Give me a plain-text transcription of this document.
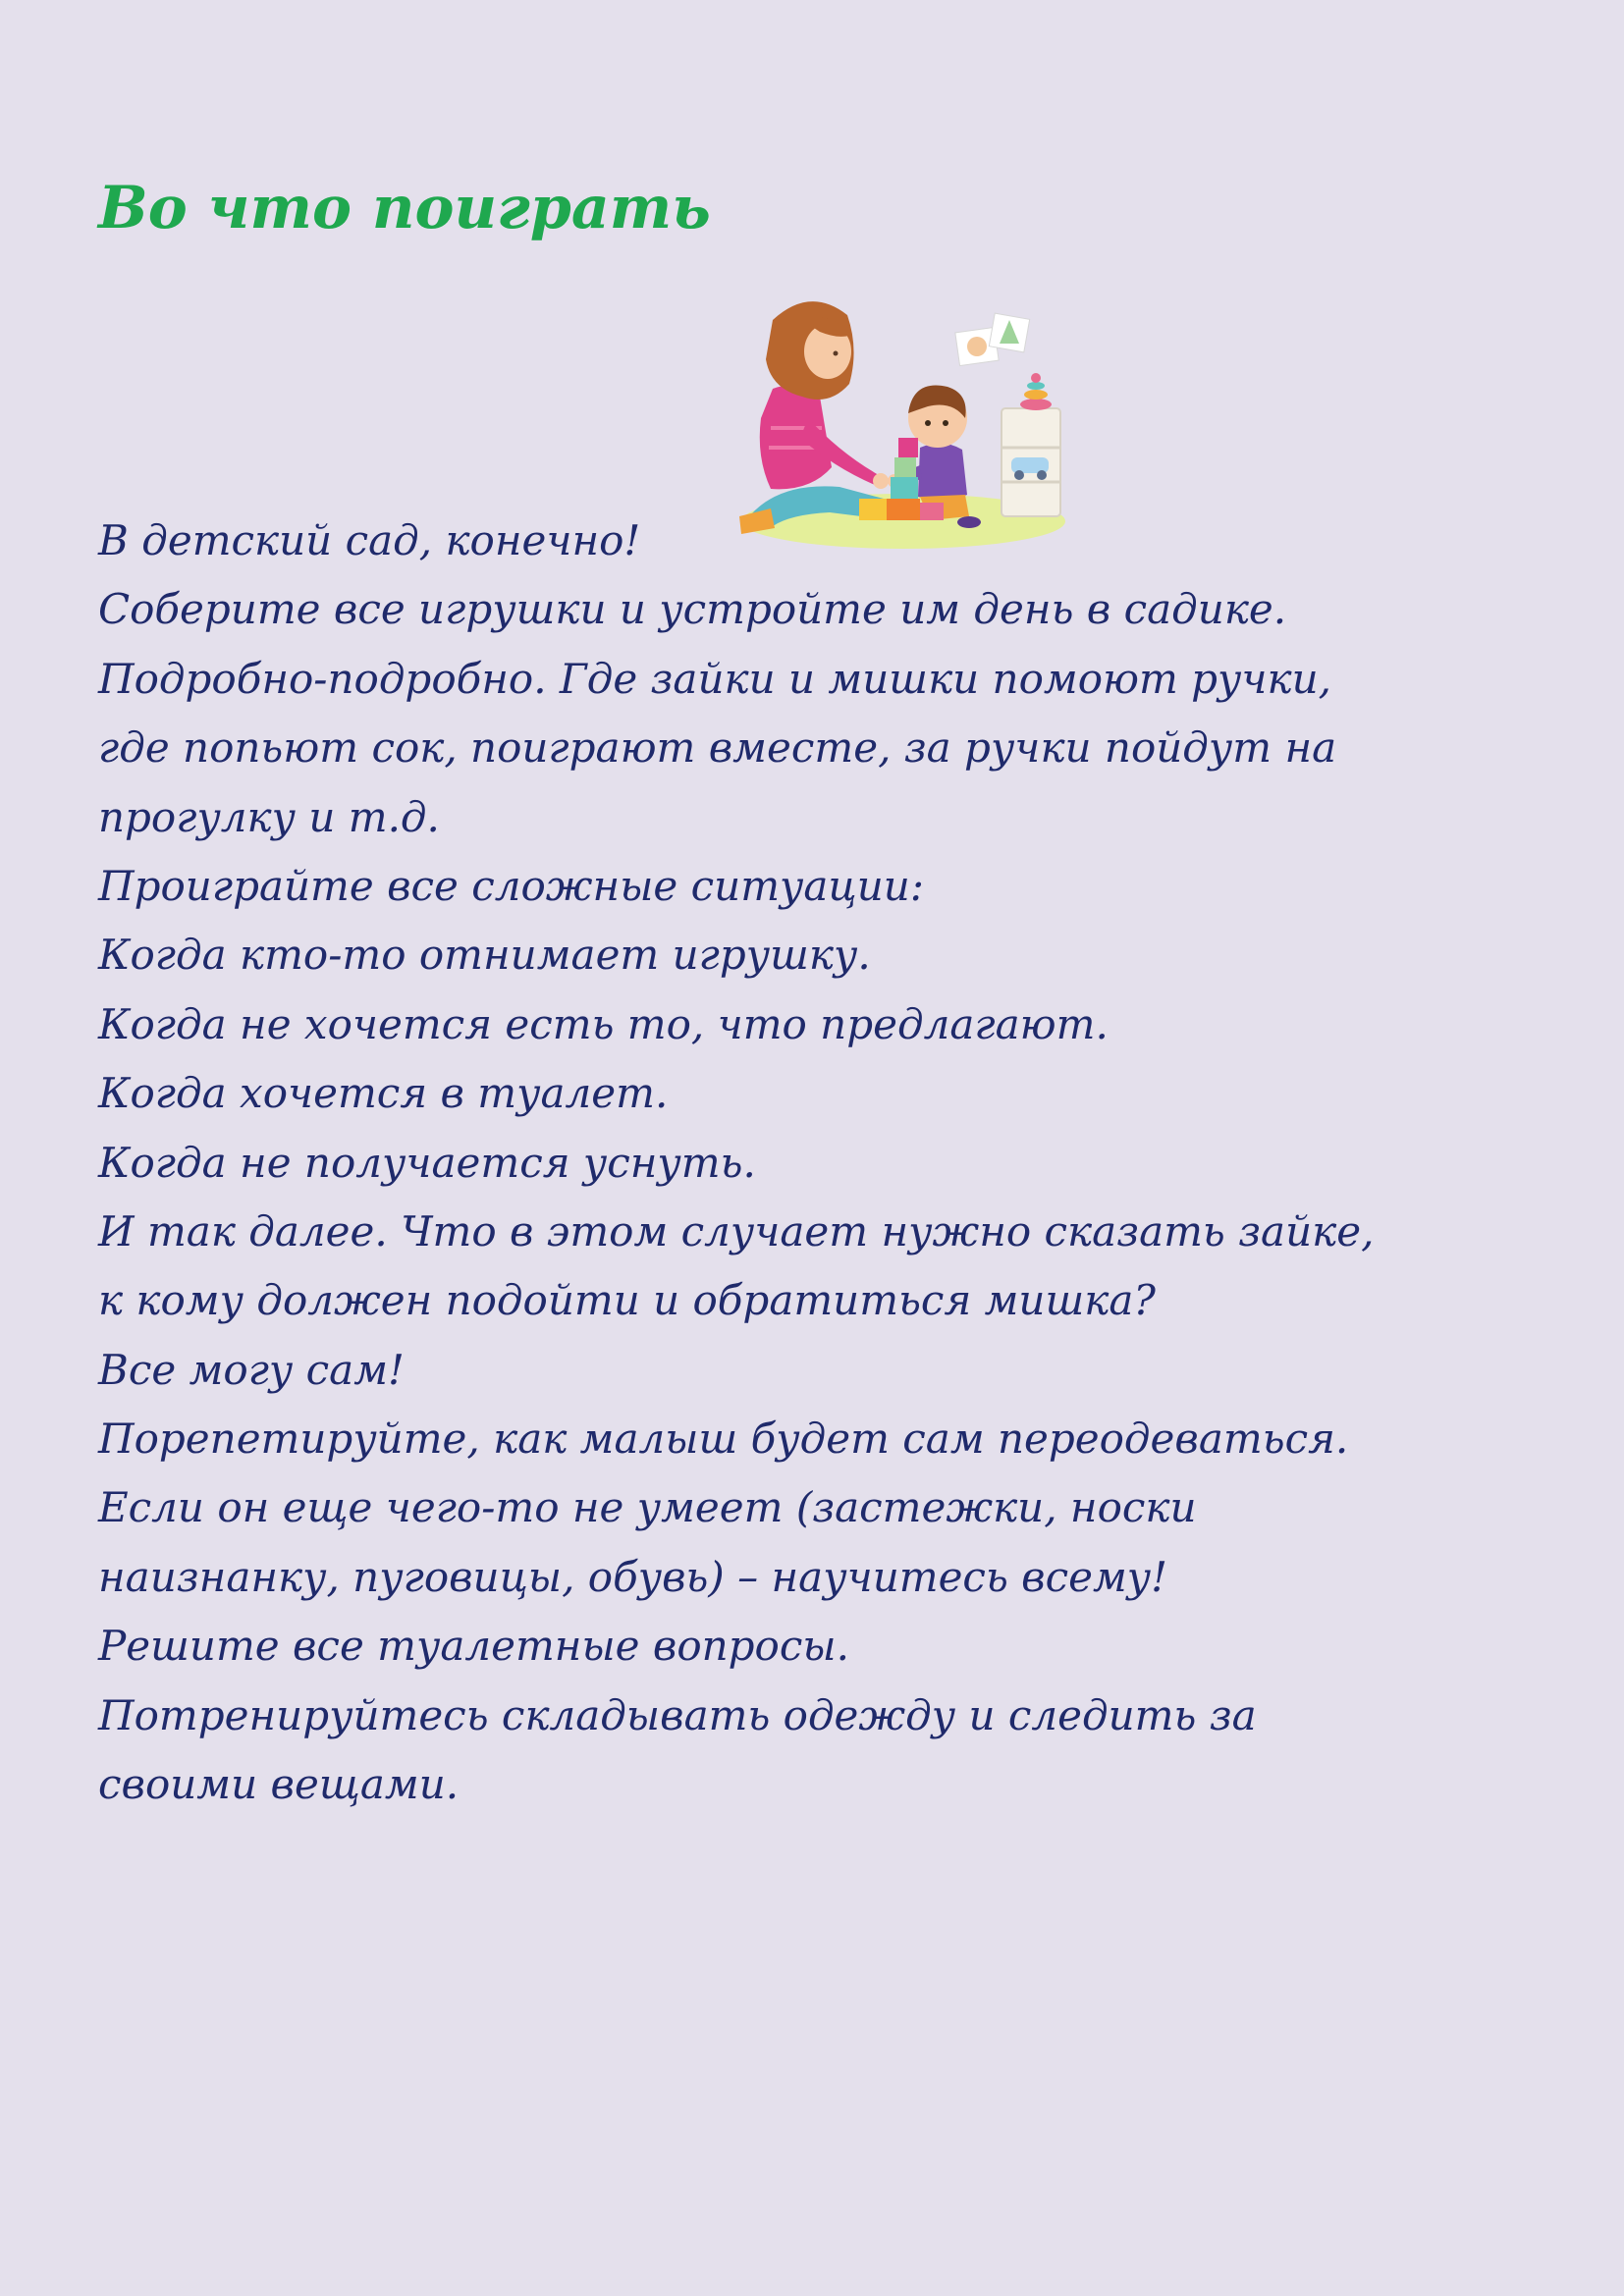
Во что поиграть
В детский сад, конечно!
Соберите все игрушки и устройте им день в садике.
Подробно-подробно. Где зайки и мишки помоют ручки,
где попьют сок, поиграют вместе, за ручки пойдут на
прогулку и т.д.
Проиграйте все сложные ситуации:
Когда кто-то отнимает игрушку.
Когда не хочется есть то, что предлагают.
Когда хочется в туалет.
Когда не получается уснуть.
И так далее. Что в этом случает нужно сказать зайке,
к кому должен подойти и обратиться мишка?
Все могу сам!
Порепетируйте, как малыш будет сам переодеваться.
Если он еще чего-то не умеет (застежки, носки
наизнанку, пуговицы, обувь) – научитесь всему!
Решите все туалетные вопросы.
Потренируйтесь складывать одежду и следить за
своими вещами.
